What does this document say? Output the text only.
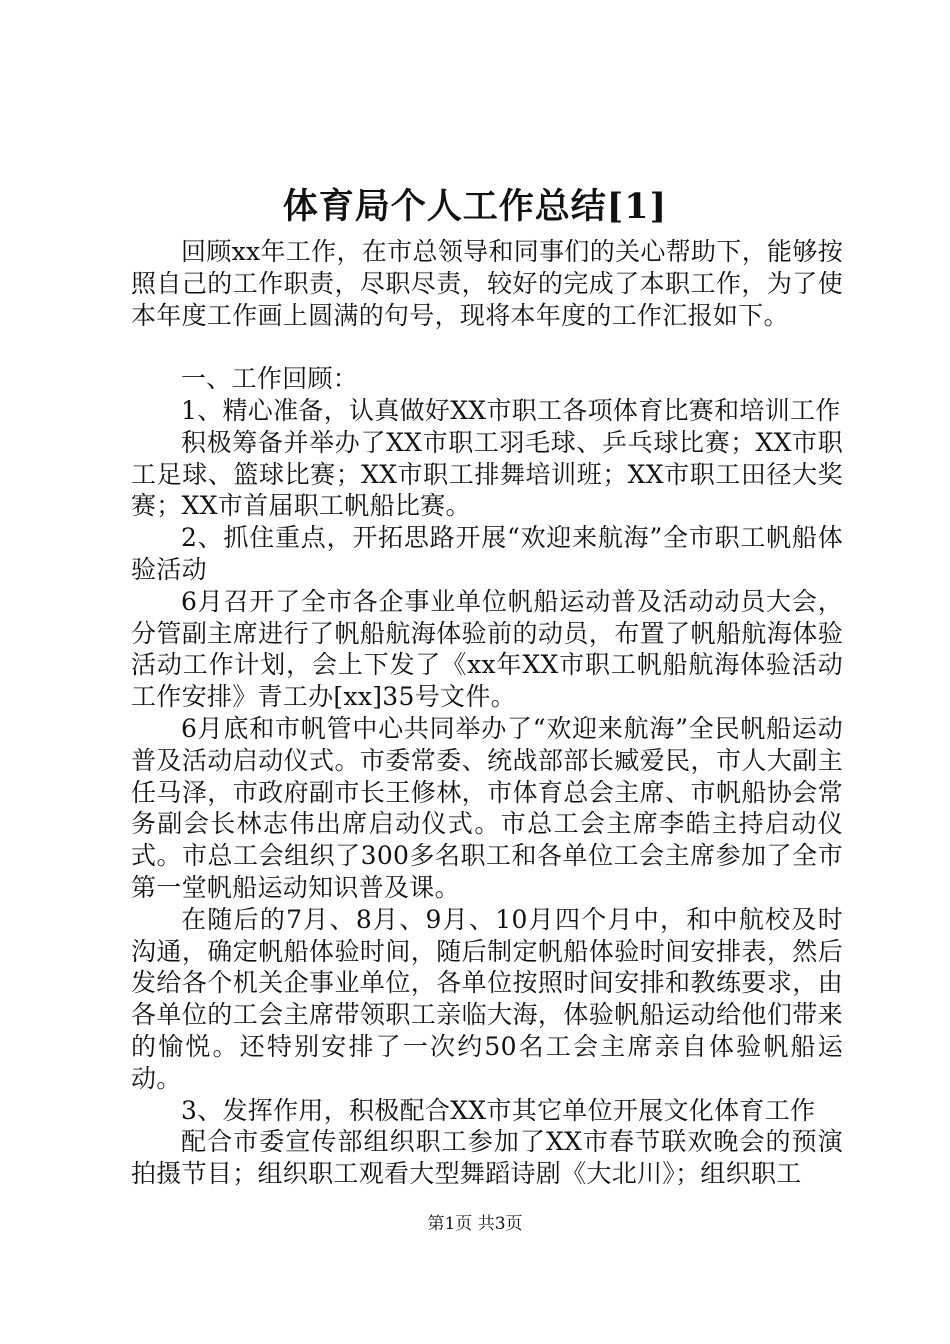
体育局个人工作总结[1]

回顾xx年工作，在市总领导和同事们的关心帮助下，能够按照自己的工作职责，尽职尽责，较好的完成了本职工作，为了使本年度工作画上圆满的句号，现将本年度的工作汇报如下。

一、工作回顾：

1、精心准备，认真做好XX市职工各项体育比赛和培训工作

积极筹备并举办了XX市职工羽毛球、乒乓球比赛；XX市职工足球、篮球比赛；XX市职工排舞培训班；XX市职工田径大奖赛；XX市首届职工帆船比赛。

2、抓住重点，开拓思路开展“欢迎来航海”全市职工帆船体验活动

6月召开了全市各企事业单位帆船运动普及活动动员大会，分管副主席进行了帆船航海体验前的动员，布置了帆船航海体验活动工作计划，会上下发了《xx年XX市职工帆船航海体验活动工作安排》青工办[xx]35号文件。

6月底和市帆管中心共同举办了“欢迎来航海”全民帆船运动普及活动启动仪式。市委常委、统战部部长臧爱民，市人大副主任马泽，市政府副市长王修林，市体育总会主席、市帆船协会常务副会长林志伟出席启动仪式。市总工会主席李皓主持启动仪式。市总工会组织了300多名职工和各单位工会主席参加了全市第一堂帆船运动知识普及课。

在随后的7月、8月、9月、10月四个月中，和中航校及时沟通，确定帆船体验时间，随后制定帆船体验时间安排表，然后发给各个机关企事业单位，各单位按照时间安排和教练要求，由各单位的工会主席带领职工亲临大海，体验帆船运动给他们带来的愉悦。还特别安排了一次约50名工会主席亲自体验帆船运动。

3、发挥作用，积极配合XX市其它单位开展文化体育工作

配合市委宣传部组织职工参加了XX市春节联欢晚会的预演拍摄节目；组织职工观看大型舞蹈诗剧《大北川》；组织职工

第1页 共3页
